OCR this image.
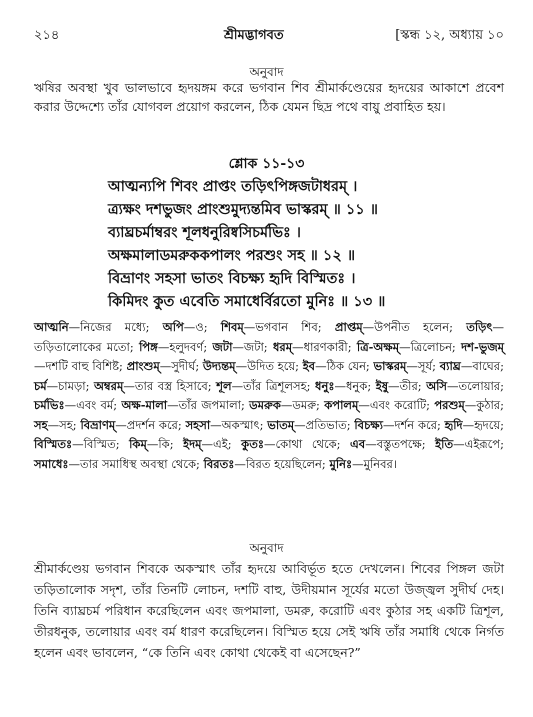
২১৪	শ্রীমদ্ভাগবত	[স্কন্ধ ১২, অধ্যায় ১০
অনুবাদ
ঋষির অবস্থা খুব ভালভাবে হৃদয়ঙ্গম করে ভগবান শিব শ্রীমার্কণ্ডেয়ের হৃদয়ের আকাশে প্রবেশ করার উদ্দেশ্যে তাঁর যোগবল প্রয়োগ করলেন, ঠিক যেমন ছিদ্র পথে বায়ু প্রবাহিত হয়।
শ্লোক ১১-১৩
আত্মন্যপি শিবং প্রাপ্তং তড়িৎপিঙ্গজটাধরম্ ।
ত্র্যক্ষং দশভুজং প্রাংশুমুদ্যন্তমিব ভাস্করম্ ॥ ১১ ॥
ব্যাঘ্রচর্মাম্বরং শূলধনুরিষ্বসিচর্মভিঃ ।
অক্ষমালাডমরুককপালং পরশুং সহ ॥ ১২ ॥
বিভ্রাণং সহসা ভাতং বিচক্ষ্য হৃদি বিস্মিতঃ ।
কিমিদং কুত এবেতি সমাধের্বিরতো মুনিঃ ॥ ১৩ ॥
আত্মনি—নিজের মধ্যে; অপি—ও; শিবম্—ভগবান শিব; প্রাপ্তম্—উপনীত হলেন; তড়িৎ—তড়িতালোকের মতো; পিঙ্গ—হলুদবর্ণ; জটা—জটা; ধরম্—ধারণকারী; ত্রি-অক্ষম্—ত্রিলোচন; দশ-ভুজম্—দশটি বাহু বিশিষ্ট; প্রাংশুম্—সুদীর্ঘ; উদ্যন্তম্—উদিত হয়ে; ইব—ঠিক যেন; ভাস্করম্—সূর্য; ব্যাঘ্র—বাঘের; চর্ম—চামড়া; অম্বরম্—তার বস্ত্র হিসাবে; শূল—তাঁর ত্রিশূলসহ; ধনুঃ—ধনুক; ইষু—তীর; অসি—তলোয়ার; চর্মভিঃ—এবং বর্ম; অক্ষ-মালা—তাঁর জপমালা; ডমরুক—ডমরু; কপালম্—এবং করোটি; পরশুম্—কুঠার; সহ—সহ; বিভ্রাণম্—প্রদর্শন করে; সহসা—অকস্মাৎ; ভাতম্—প্রতিভাত; বিচক্ষ্য—দর্শন করে; হৃদি—হৃদয়ে; বিস্মিতঃ—বিস্মিত; কিম্—কি; ইদম্—এই; কুতঃ—কোথা থেকে; এব—বস্তুতপক্ষে; ইতি—এইরূপে; সমাধেঃ—তার সমাধিস্থ অবস্থা থেকে; বিরতঃ—বিরত হয়েছিলেন; মুনিঃ—মুনিবর।
অনুবাদ
শ্রীমার্কণ্ডেয় ভগবান শিবকে অকস্মাৎ তাঁর হৃদয়ে আবির্ভূত হতে দেখলেন। শিবের পিঙ্গল জটা তড়িতালোক সদৃশ, তাঁর তিনটি লোচন, দশটি বাহু, উদীয়মান সূর্যের মতো উজ্জ্বল সুদীর্ঘ দেহ। তিনি ব্যাঘ্রচর্ম পরিধান করেছিলেন এবং জপমালা, ডমরু, করোটি এবং কুঠার সহ একটি ত্রিশূল, তীরধনুক, তলোয়ার এবং বর্ম ধারণ করেছিলেন। বিস্মিত হয়ে সেই ঋষি তাঁর সমাধি থেকে নির্গত হলেন এবং ভাবলেন, “কে তিনি এবং কোথা থেকেই বা এসেছেন?”
